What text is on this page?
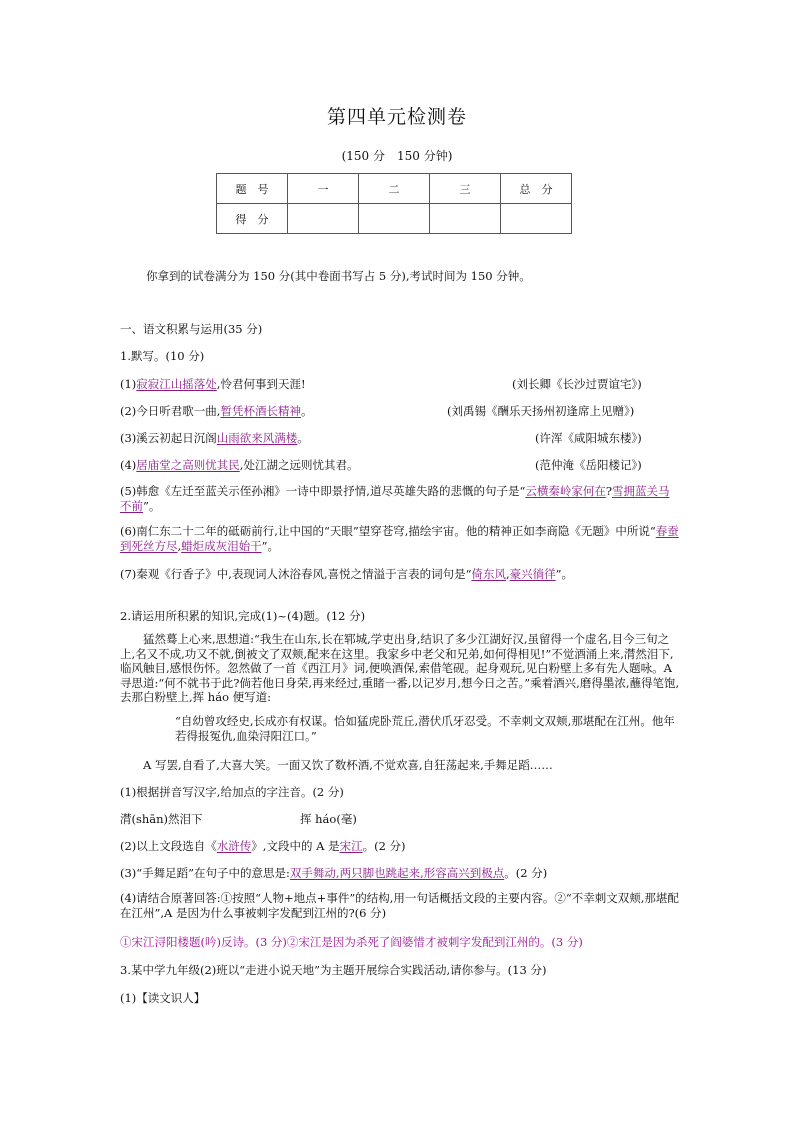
第四单元检测卷
(150 分　150 分钟)
题　号	一	二	三	总　分
得　分				
你拿到的试卷满分为 150 分(其中卷面书写占 5 分),考试时间为 150 分钟。
一、语文积累与运用(35 分)
1.默写。(10 分)
(1)寂寂江山摇落处,怜君何事到天涯!	(刘长卿《长沙过贾谊宅》)
(2)今日听君歌一曲,暂凭杯酒长精神。	(刘禹锡《酬乐天扬州初逢席上见赠》)
(3)溪云初起日沉阁山雨欲来风满楼。	(许浑《咸阳城东楼》)
(4)居庙堂之高则忧其民,处江湖之远则忧其君。	(范仲淹《岳阳楼记》)
(5)韩愈《左迁至蓝关示侄孙湘》一诗中即景抒情,道尽英雄失路的悲慨的句子是“云横秦岭家何在?雪拥蓝关马不前”。
(6)南仁东二十二年的砥砺前行,让中国的“天眼”望穿苍穹,描绘宇宙。他的精神正如李商隐《无题》中所说“春蚕到死丝方尽,蜡炬成灰泪始干”。
(7)秦观《行香子》中,表现词人沐浴春风,喜悦之情溢于言表的词句是“倚东风,豪兴徜徉”。
2.请运用所积累的知识,完成(1)~(4)题。(12 分)
猛然蓦上心来,思想道:“我生在山东,长在郓城,学吏出身,结识了多少江湖好汉,虽留得一个虚名,目今三旬之上,名又不成,功又不就,倒被文了双颊,配来在这里。我家乡中老父和兄弟,如何得相见!”不觉酒涌上来,潸然泪下,临风触目,感恨伤怀。忽然做了一首《西江月》词,便唤酒保,索借笔砚。起身观玩,见白粉壁上多有先人题咏。A 寻思道:“何不就书于此?倘若他日身荣,再来经过,重睹一番,以记岁月,想今日之苦。”乘着酒兴,磨得墨浓,蘸得笔饱,去那白粉壁上,挥 háo 便写道:
“自幼曾攻经史,长成亦有权谋。恰如猛虎卧荒丘,潜伏爪牙忍受。不幸刺文双颊,那堪配在江州。他年若得报冤仇,血染浔阳江口。”
A 写罢,自看了,大喜大笑。一面又饮了数杯酒,不觉欢喜,自狂荡起来,手舞足蹈……
(1)根据拼音写汉字,给加点的字注音。(2 分)
潸(shān)然泪下	挥 háo(毫)
(2)以上文段选自《水浒传》,文段中的 A 是宋江。(2 分)
(3)“手舞足蹈”在句子中的意思是:双手舞动,两只脚也跳起来,形容高兴到极点。(2 分)
(4)请结合原著回答:①按照“人物+地点+事件”的结构,用一句话概括文段的主要内容。②“不幸刺文双颊,那堪配在江州”,A 是因为什么事被刺字发配到江州的?(6 分)
①宋江浔阳楼题(吟)反诗。(3 分)②宋江是因为杀死了阎婆惜才被刺字发配到江州的。(3 分)
3.某中学九年级(2)班以“走进小说天地”为主题开展综合实践活动,请你参与。(13 分)
(1)【读文识人】
